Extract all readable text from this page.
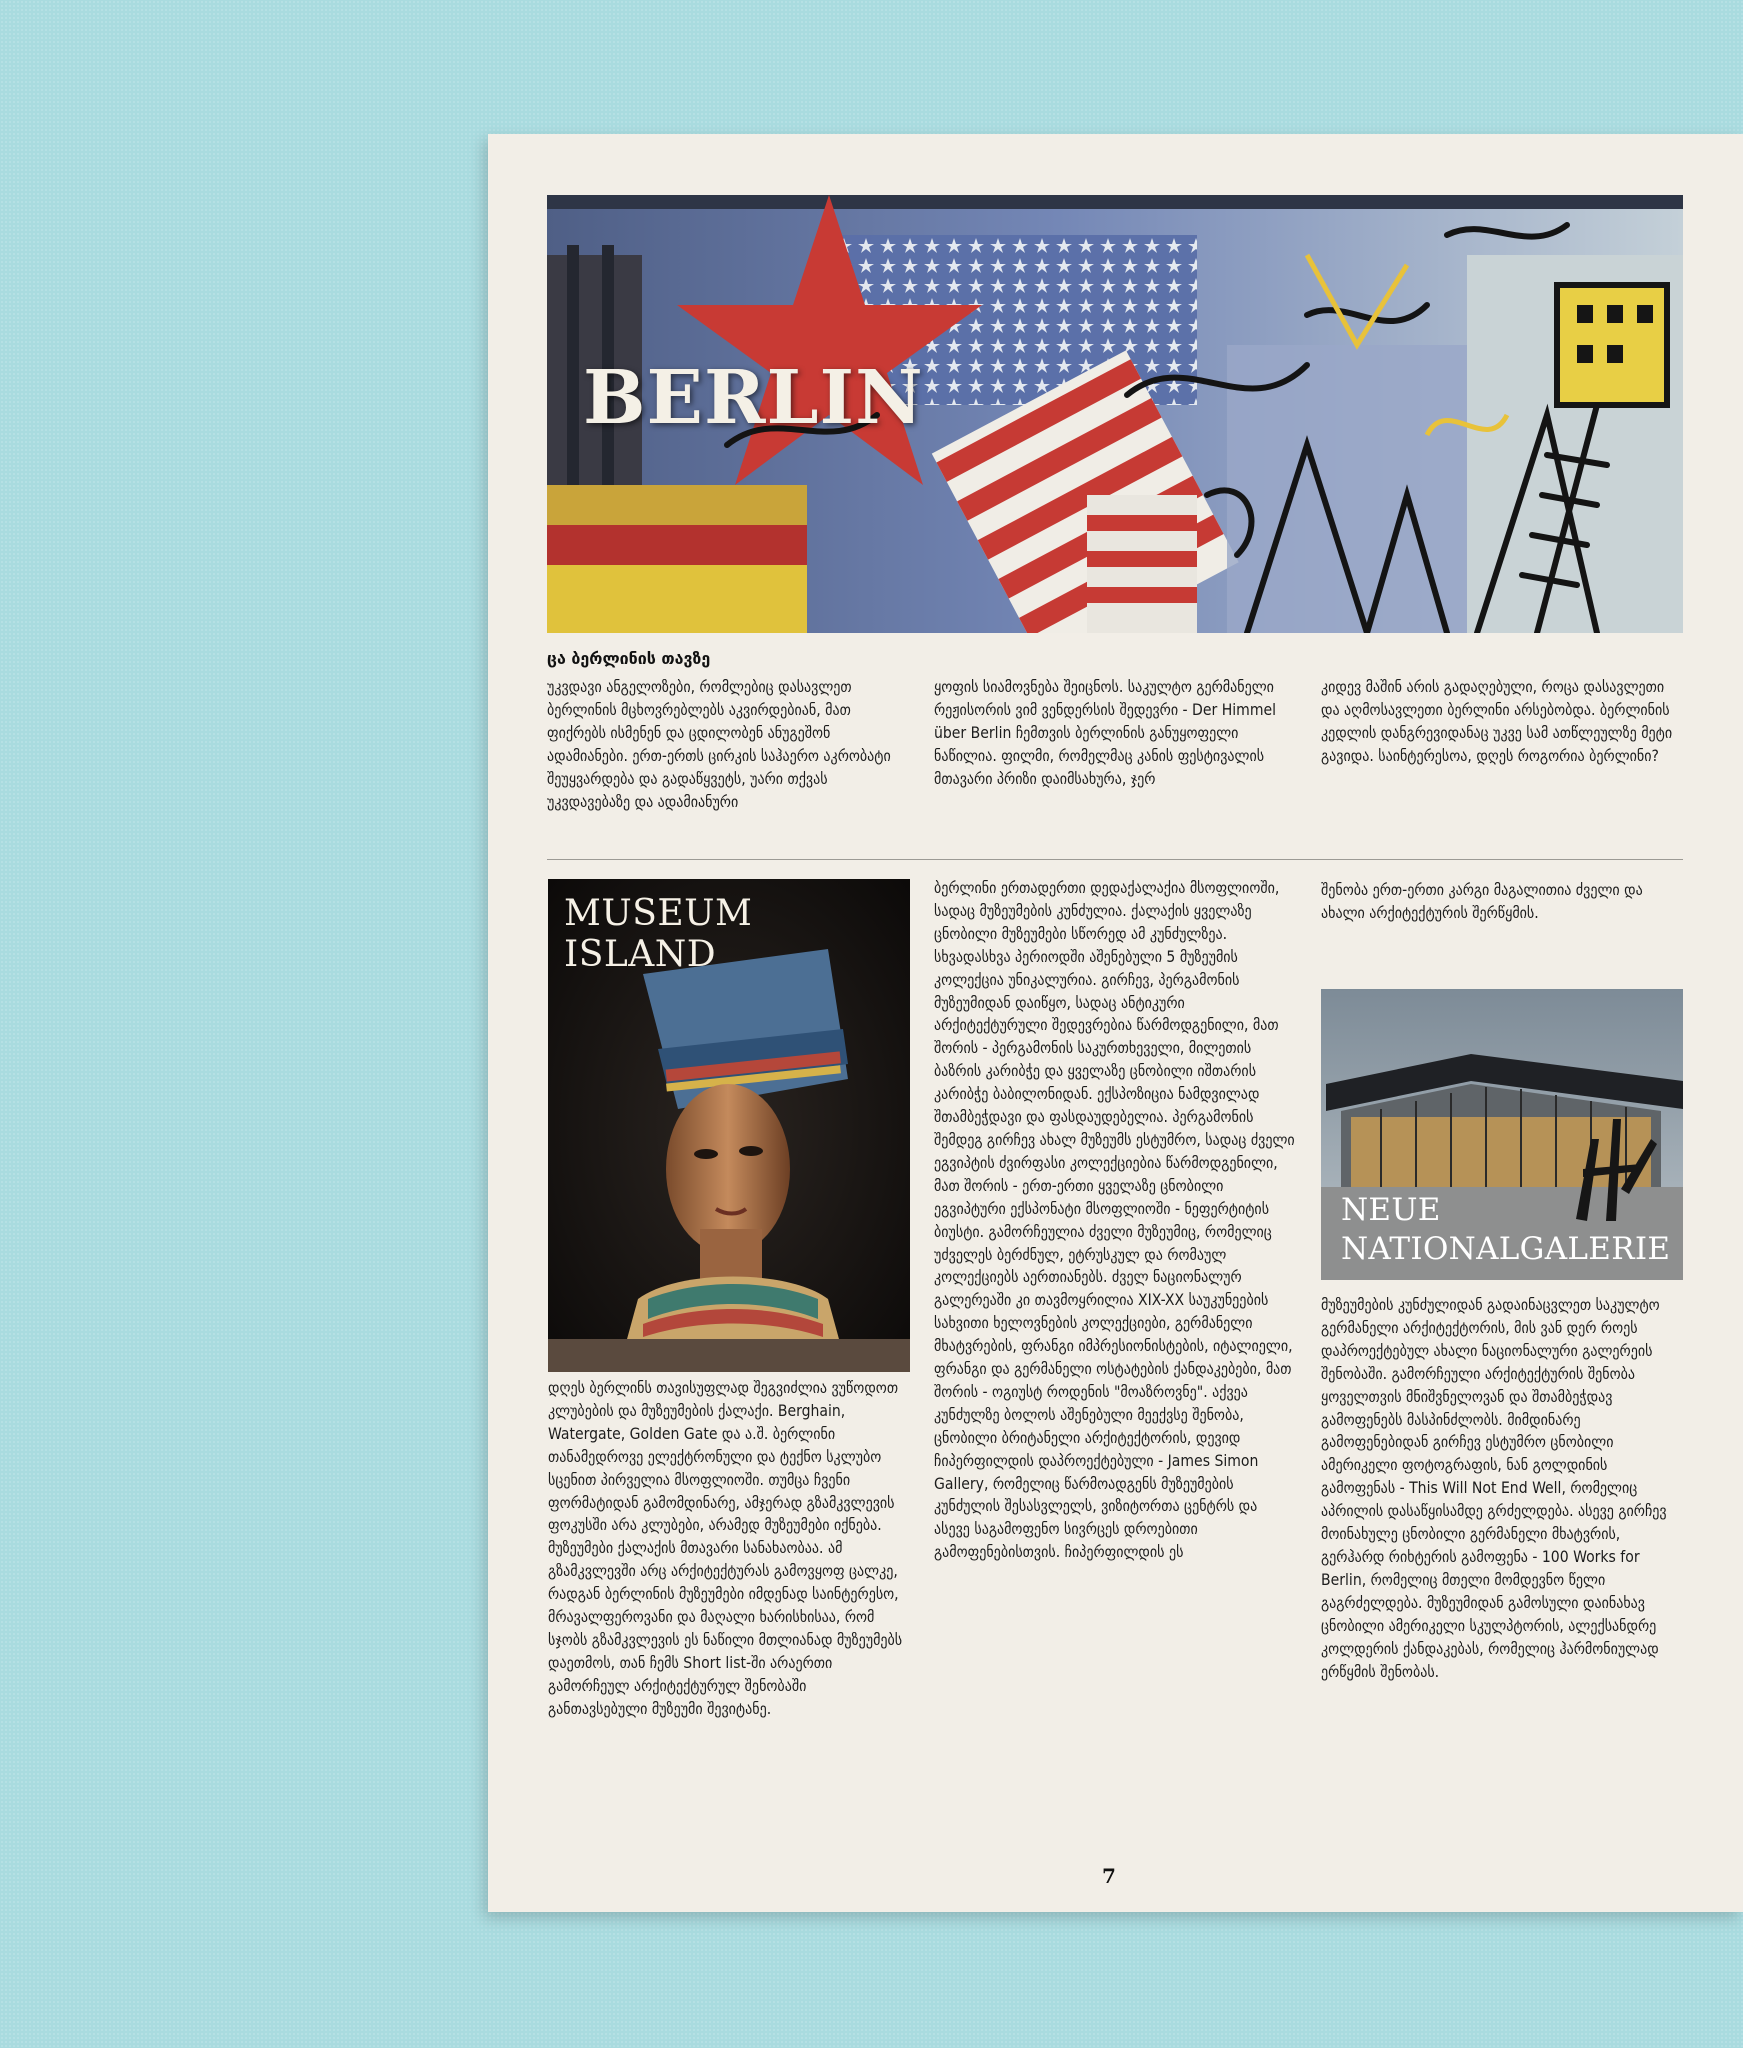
BERLIN
ცა ბერლინის თავზე

უკვდავი ანგელოზები, რომლებიც დასავლეთ ბერლინის მცხოვრებლებს აკვირდებიან, მათ ფიქრებს ისმენენ და ცდილობენ ანუგეშონ ადამიანები. ერთ-ერთს ცირკის საჰაერო აკრობატი შეუყვარდება და გადაწყვეტს, უარი თქვას უკვდავებაზე და ადამიანური

ყოფის სიამოვნება შეიცნოს. საკულტო გერმანელი რეჟისორის ვიმ ვენდერსის შედევრი - Der Himmel über Berlin ჩემთვის ბერლინის განუყოფელი ნაწილია. ფილმი, რომელმაც კანის ფესტივალის მთავარი პრიზი დაიმსახურა, ჯერ

კიდევ მაშინ არის გადაღებული, როცა დასავლეთი და აღმოსავლეთი ბერლინი არსებობდა. ბერლინის კედლის დანგრევიდანაც უკვე სამ ათწლეულზე მეტი გავიდა. საინტერესოა, დღეს როგორია ბერლინი?

MUSEUM ISLAND

დღეს ბერლინს თავისუფლად შეგვიძლია ვუწოდოთ კლუბების და მუზეუმების ქალაქი. Berghain, Watergate, Golden Gate და ა.შ. ბერლინი თანამედროვე ელექტრონული და ტექნო სკლუბო სცენით პირველია მსოფლიოში. თუმცა ჩვენი ფორმატიდან გამომდინარე, ამჯერად გზამკვლევის ფოკუსში არა კლუბები, არამედ მუზეუმები იქნება. მუზეუმები ქალაქის მთავარი სანახაობაა. ამ გზამკვლევში არც არქიტექტურას გამოვყოფ ცალკე, რადგან ბერლინის მუზეუმები იმდენად საინტერესო, მრავალფეროვანი და მაღალი ხარისხისაა, რომ სჯობს გზამკვლევის ეს ნაწილი მთლიანად მუზეუმებს დაეთმოს, თან ჩემს Short list-ში არაერთი გამორჩეულ არქიტექტურულ შენობაში განთავსებული მუზეუმი შევიტანე.

ბერლინი ერთადერთი დედაქალაქია მსოფლიოში, სადაც მუზეუმების კუნძულია. ქალაქის ყველაზე ცნობილი მუზეუმები სწორედ ამ კუნძულზეა. სხვადასხვა პერიოდში აშენებული 5 მუზეუმის კოლექცია უნიკალურია. გირჩევ, პერგამონის მუზეუმიდან დაიწყო, სადაც ანტიკური არქიტექტურული შედევრებია წარმოდგენილი, მათ შორის - პერგამონის საკურთხეველი, მილეთის ბაზრის კარიბჭე და ყველაზე ცნობილი იშთარის კარიბჭე ბაბილონიდან. ექსპოზიცია ნამდვილად შთამბეჭდავი და ფასდაუდებელია. პერგამონის შემდეგ გირჩევ ახალ მუზეუმს ესტუმრო, სადაც ძველი ეგვიპტის ძვირფასი კოლექციებია წარმოდგენილი, მათ შორის - ერთ-ერთი ყველაზე ცნობილი ეგვიპტური ექსპონატი მსოფლიოში - ნეფერტიტის ბიუსტი. გამორჩეულია ძველი მუზეუმიც, რომელიც უძველეს ბერძნულ, ეტრუსკულ და რომაულ კოლექციებს აერთიანებს. ძველ ნაციონალურ გალერეაში კი თავმოყრილია XIX-XX საუკუნეების სახვითი ხელოვნების კოლექციები, გერმანელი მხატვრების, ფრანგი იმპრესიონისტების, იტალიელი, ფრანგი და გერმანელი ოსტატების ქანდაკებები, მათ შორის - ოგიუსტ როდენის "მოაზროვნე". აქვეა კუნძულზე ბოლოს აშენებული მეექვსე შენობა, ცნობილი ბრიტანელი არქიტექტორის, დევიდ ჩიპერფილდის დაპროექტებული - James Simon Gallery, რომელიც წარმოადგენს მუზეუმების კუნძულის შესასვლელს, ვიზიტორთა ცენტრს და ასევე საგამოფენო სივრცეს დროებითი გამოფენებისთვის. ჩიპერფილდის ეს

შენობა ერთ-ერთი კარგი მაგალითია ძველი და ახალი არქიტექტურის შერწყმის.

NEUE
NATIONALGALERIE

მუზეუმების კუნძულიდან გადაინაცვლეთ საკულტო გერმანელი არქიტექტორის, მის ვან დერ როეს დაპროექტებულ ახალი ნაციონალური გალერეის შენობაში. გამორჩეული არქიტექტურის შენობა ყოველთვის მნიშვნელოვან და შთამბეჭდავ გამოფენებს მასპინძლობს. მიმდინარე გამოფენებიდან გირჩევ ესტუმრო ცნობილი ამერიკელი ფოტოგრაფის, ნან გოლდინის გამოფენას - This Will Not End Well, რომელიც აპრილის დასაწყისამდე გრძელდება. ასევე გირჩევ მოინახულე ცნობილი გერმანელი მხატვრის, გერჰარდ რიხტერის გამოფენა - 100 Works for Berlin, რომელიც მთელი მომდევნო წელი გაგრძელდება. მუზეუმიდან გამოსული დაინახავ ცნობილი ამერიკელი სკულპტორის, ალექსანდრე კოლდერის ქანდაკებას, რომელიც ჰარმონიულად ერწყმის შენობას.

7
